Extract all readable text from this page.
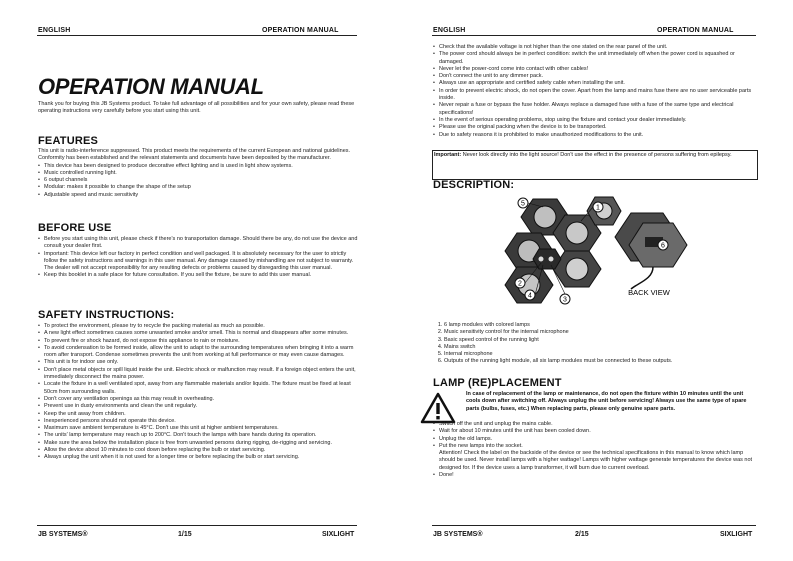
ENGLISH	OPERATION MANUAL
OPERATION MANUAL

Thank you for buying this JB Systems product. To take full advantage of all possibilities and for your own safety, please read these operating instructions very carefully before you start using this unit.

FEATURES

This unit is radio-interference suppressed. This product meets the requirements of the current European and national guidelines. Conformity has been established and the relevant statements and documents have been deposited by the manufacturer.

• This device has been designed to produce decorative effect lighting and is used in light show systems.
• Music controlled running light.
• 6 output channels
• Modular: makes it possible to change the shape of the setup
• Adjustable speed and music sensitivity
BEFORE USE
• Before you start using this unit, please check if there's no transportation damage. Should there be any, do not use the device and consult your dealer first.
• Important: This device left our factory in perfect condition and well packaged. It is absolutely necessary for the user to strictly follow the safety instructions and warnings in this user manual. Any damage caused by mishandling are not subject to warranty. The dealer will not accept responsibility for any resulting defects or problems caused by disregarding this user manual.
• Keep this booklet in a safe place for future consultation. If you sell the fixture, be sure to add this user manual.
SAFETY INSTRUCTIONS:
• To protect the environment, please try to recycle the packing material as much as possible.
• A new light effect sometimes causes some unwanted smoke and/or smell. This is normal and disappears after some minutes.
• To prevent fire or shock hazard, do not expose this appliance to rain or moisture.
• To avoid condensation to be formed inside, allow the unit to adapt to the surrounding temperatures when bringing it into a warm room after transport. Condense sometimes prevents the unit from working at full performance or may even cause damages.
• This unit is for indoor use only.
• Don't place metal objects or spill liquid inside the unit. Electric shock or malfunction may result. If a foreign object enters the unit, immediately disconnect the mains power.
• Locate the fixture in a well ventilated spot, away from any flammable materials and/or liquids. The fixture must be fixed at least 50cm from surrounding walls.
• Don't cover any ventilation openings as this may result in overheating.
• Prevent use in dusty environments and clean the unit regularly.
• Keep the unit away from children.
• Inexperienced persons should not operate this device.
• Maximum save ambient temperature is 45°C. Don't use this unit at higher ambient temperatures.
• The units' lamp temperature may reach up to 200°C. Don't touch the lamps with bare hands during its operation.
• Make sure the area below the installation place is free from unwanted persons during rigging, de-rigging and servicing.
• Allow the device about 10 minutes to cool down before replacing the bulb or start servicing.
• Always unplug the unit when it is not used for a longer time or before replacing the bulb or start servicing.
JB SYSTEMS®	1/15	SIXLIGHT
ENGLISH	OPERATION MANUAL
• Check that the available voltage is not higher than the one stated on the rear panel of the unit.
• The power cord should always be in perfect condition: switch the unit immediately off when the power cord is squashed or damaged.
• Never let the power-cord come into contact with other cables!
• Don't connect the unit to any dimmer pack.
• Always use an appropriate and certified safety cable when installing the unit.
• In order to prevent electric shock, do not open the cover. Apart from the lamp and mains fuse there are no user serviceable parts inside.
• Never repair a fuse or bypass the fuse holder. Always replace a damaged fuse with a fuse of the same type and electrical specifications!
• In the event of serious operating problems, stop using the fixture and contact your dealer immediately.
• Please use the original packing when the device is to be transported.
• Due to safety reasons it is prohibited to make unauthorized modifications to the unit.
Important: Never look directly into the light source! Don't use the effect in the presence of persons suffering from epilepsy.
DESCRIPTION:
5
1
2
4
3
6
BACK VIEW
1. 6 lamp modules with colored lamps
2. Music sensitivity control for the internal microphone
3. Basic speed control of the running light
4. Mains switch
5. Internal microphone
6. Outputs of the running light module, all six lamp modules must be connected to these outputs.
LAMP (RE)PLACEMENT
In case of replacement of the lamp or maintenance, do not open the fixture within 10 minutes until the unit cools down after switching off. Always unplug the unit before servicing! Always use the same type of spare parts (bulbs, fuses, etc.) When replacing parts, please only genuine spare parts.
• Switch off the unit and unplug the mains cable.
• Wait for about 10 minutes until the unit has been cooled down.
• Unplug the old lamps.
• Put the new lamps into the socket.

Attention! Check the label on the backside of the device or see the technical specifications in this manual to know which lamp should be used. Never install lamps with a higher wattage! Lamps with higher wattage generate temperatures the device was not designed for. If the device uses a lamp transformer, it will burn due to current overload.

• Done!
JB SYSTEMS®	2/15	SIXLIGHT
